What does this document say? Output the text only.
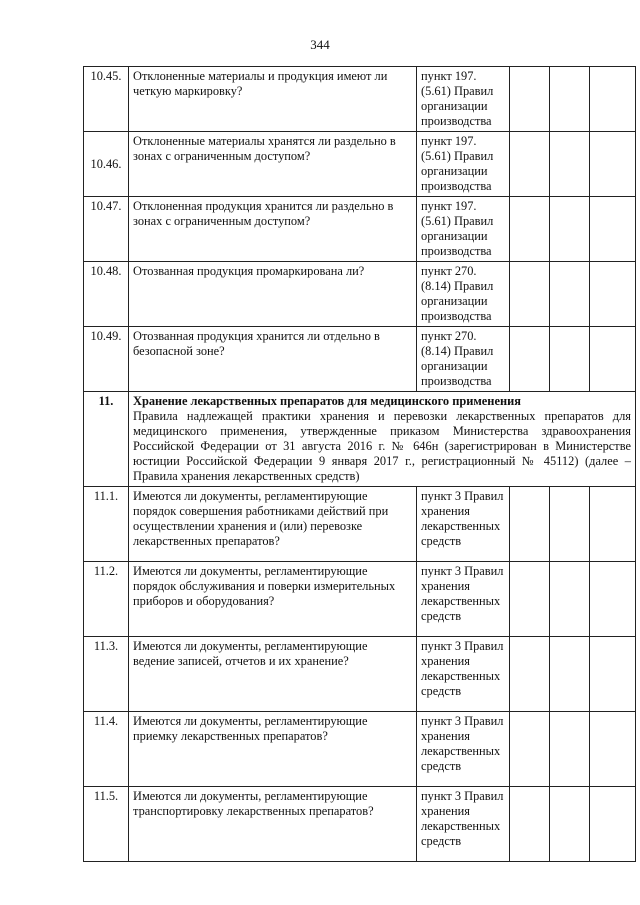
344
10.45.	Отклоненные материалы и продукция имеют ли четкую маркировку?	пункт 197. (5.61) Правил организации производства			
10.46.	Отклоненные материалы хранятся ли раздельно в зонах с ограниченным доступом?	пункт 197. (5.61) Правил организации производства			
10.47.	Отклоненная продукция хранится ли раздельно в зонах с ограниченным доступом?	пункт 197. (5.61) Правил организации производства			
10.48.	Отозванная продукция промаркирована ли?	пункт 270. (8.14) Правил организации производства			
10.49.	Отозванная продукция хранится ли отдельно в безопасной зоне?	пункт 270. (8.14) Правил организации производства			
11.	Хранение лекарственных препаратов для медицинского применения
Правила надлежащей практики хранения и перевозки лекарственных препаратов для медицинского применения, утвержденные приказом Министерства здравоохранения Российской Федерации от 31 августа 2016 г. № 646н (зарегистрирован в Министерстве юстиции Российской Федерации 9 января 2017 г., регистрационный № 45112) (далее – Правила хранения лекарственных средств)				

11.1.	Имеются ли документы, регламентирующие порядок совершения работниками действий при осуществлении хранения и (или) перевозке лекарственных препаратов?	пункт 3 Правил хранения лекарственных средств			
11.2.	Имеются ли документы, регламентирующие порядок обслуживания и поверки измерительных приборов и оборудования?	пункт 3 Правил хранения лекарственных средств			
11.3.	Имеются ли документы, регламентирующие ведение записей, отчетов и их хранение?	пункт 3 Правил хранения лекарственных средств			
11.4.	Имеются ли документы, регламентирующие приемку лекарственных препаратов?	пункт 3 Правил хранения лекарственных средств			
11.5.	Имеются ли документы, регламентирующие транспортировку лекарственных препаратов?	пункт 3 Правил хранения лекарственных средств			
